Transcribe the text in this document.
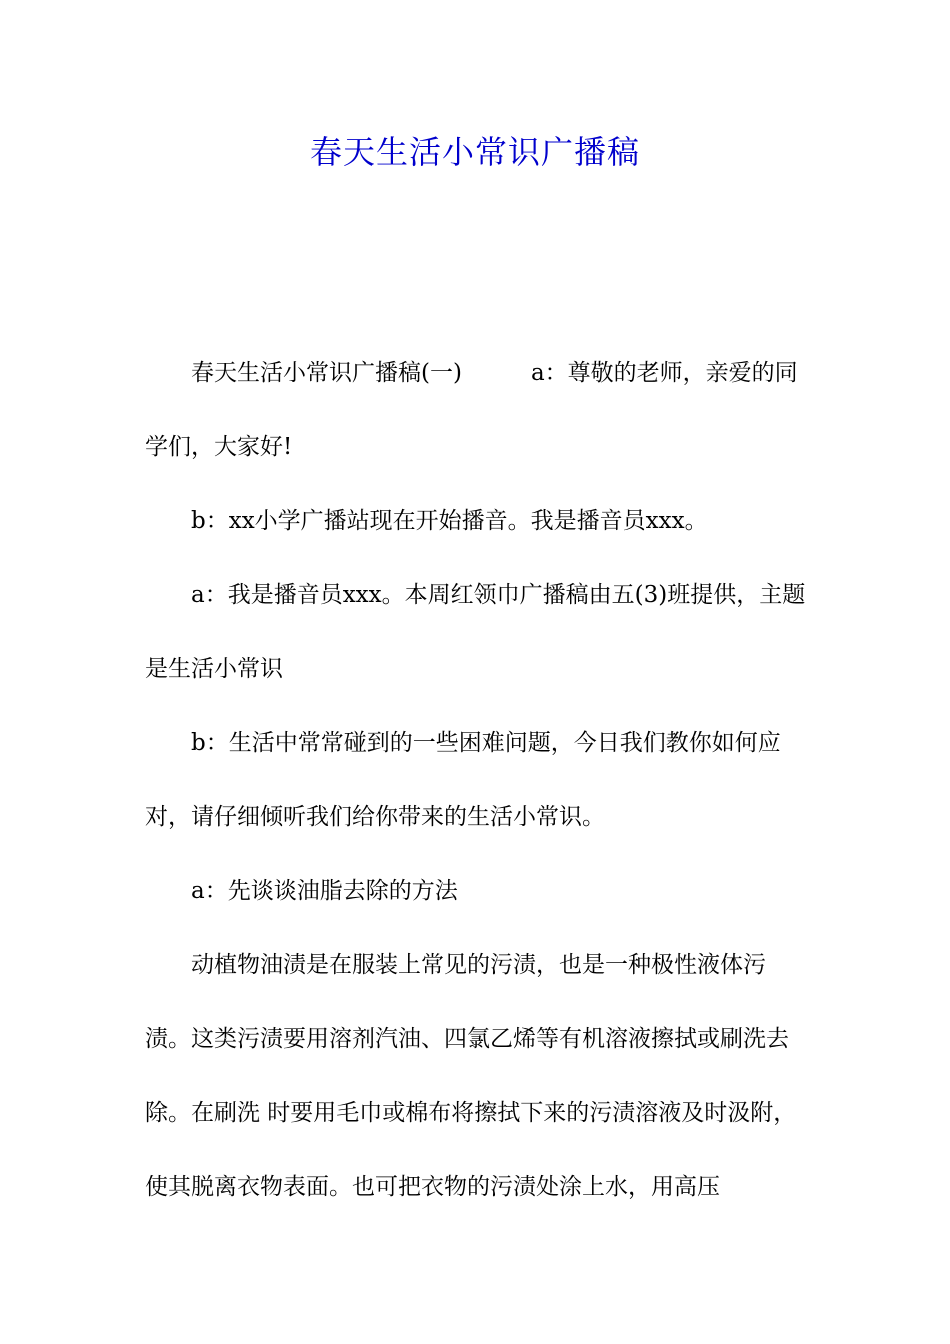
春天生活小常识广播稿

春天生活小常识广播稿(一)　　　a：尊敬的老师，亲爱的同学们，大家好!

b：xx小学广播站现在开始播音。我是播音员xxx。

a：我是播音员xxx。本周红领巾广播稿由五(3)班提供，主题是生活小常识

b：生活中常常碰到的一些困难问题，今日我们教你如何应对，请仔细倾听我们给你带来的生活小常识。

a：先谈谈油脂去除的方法

动植物油渍是在服装上常见的污渍，也是一种极性液体污渍。这类污渍要用溶剂汽油、四氯乙烯等有机溶液擦拭或刷洗去除。在刷洗 时要用毛巾或棉布将擦拭下来的污渍溶液及时汲附，使其脱离衣物表面。也可把衣物的污渍处涂上水，用高压
